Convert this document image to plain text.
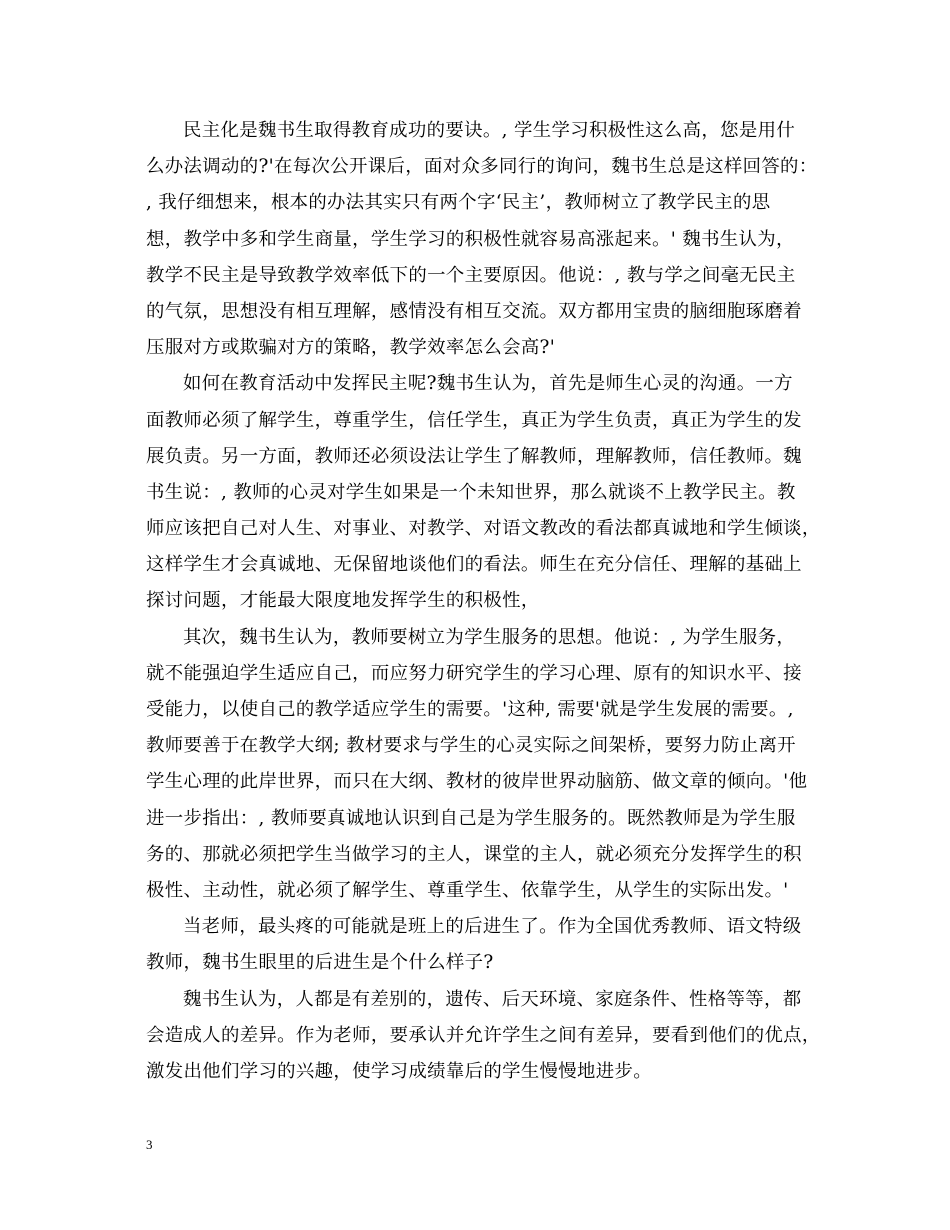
民主化是魏书生取得教育成功的要诀。, 学生学习积极性这么高，您是用什
么办法调动的?'在每次公开课后，面对众多同行的询问，魏书生总是这样回答的：
, 我仔细想来，根本的办法其实只有两个字‘民主’，教师树立了教学民主的思
想，教学中多和学生商量，学生学习的积极性就容易高涨起来。' 魏书生认为，
教学不民主是导致教学效率低下的一个主要原因。他说：, 教与学之间毫无民主
的气氛，思想没有相互理解，感情没有相互交流。双方都用宝贵的脑细胞琢磨着
压服对方或欺骗对方的策略，教学效率怎么会高?'
如何在教育活动中发挥民主呢?魏书生认为，首先是师生心灵的沟通。一方
面教师必须了解学生，尊重学生，信任学生，真正为学生负责，真正为学生的发
展负责。另一方面，教师还必须设法让学生了解教师，理解教师，信任教师。魏
书生说：, 教师的心灵对学生如果是一个未知世界，那么就谈不上教学民主。教
师应该把自己对人生、对事业、对教学、对语文教改的看法都真诚地和学生倾谈，
这样学生才会真诚地、无保留地谈他们的看法。师生在充分信任、理解的基础上
探讨问题，才能最大限度地发挥学生的积极性，
其次，魏书生认为，教师要树立为学生服务的思想。他说：, 为学生服务，
就不能强迫学生适应自己，而应努力研究学生的学习心理、原有的知识水平、接
受能力，以使自己的教学适应学生的需要。'这种, 需要'就是学生发展的需要。,
教师要善于在教学大纲; 教材要求与学生的心灵实际之间架桥，要努力防止离开
学生心理的此岸世界，而只在大纲、教材的彼岸世界动脑筋、做文章的倾向。'他
进一步指出：, 教师要真诚地认识到自己是为学生服务的。既然教师是为学生服
务的、那就必须把学生当做学习的主人，课堂的主人，就必须充分发挥学生的积
极性、主动性，就必须了解学生、尊重学生、依靠学生，从学生的实际出发。'
当老师，最头疼的可能就是班上的后进生了。作为全国优秀教师、语文特级
教师，魏书生眼里的后进生是个什么样子?
魏书生认为，人都是有差别的，遗传、后天环境、家庭条件、性格等等，都
会造成人的差异。作为老师，要承认并允许学生之间有差异，要看到他们的优点，
激发出他们学习的兴趣，使学习成绩靠后的学生慢慢地进步。
3
